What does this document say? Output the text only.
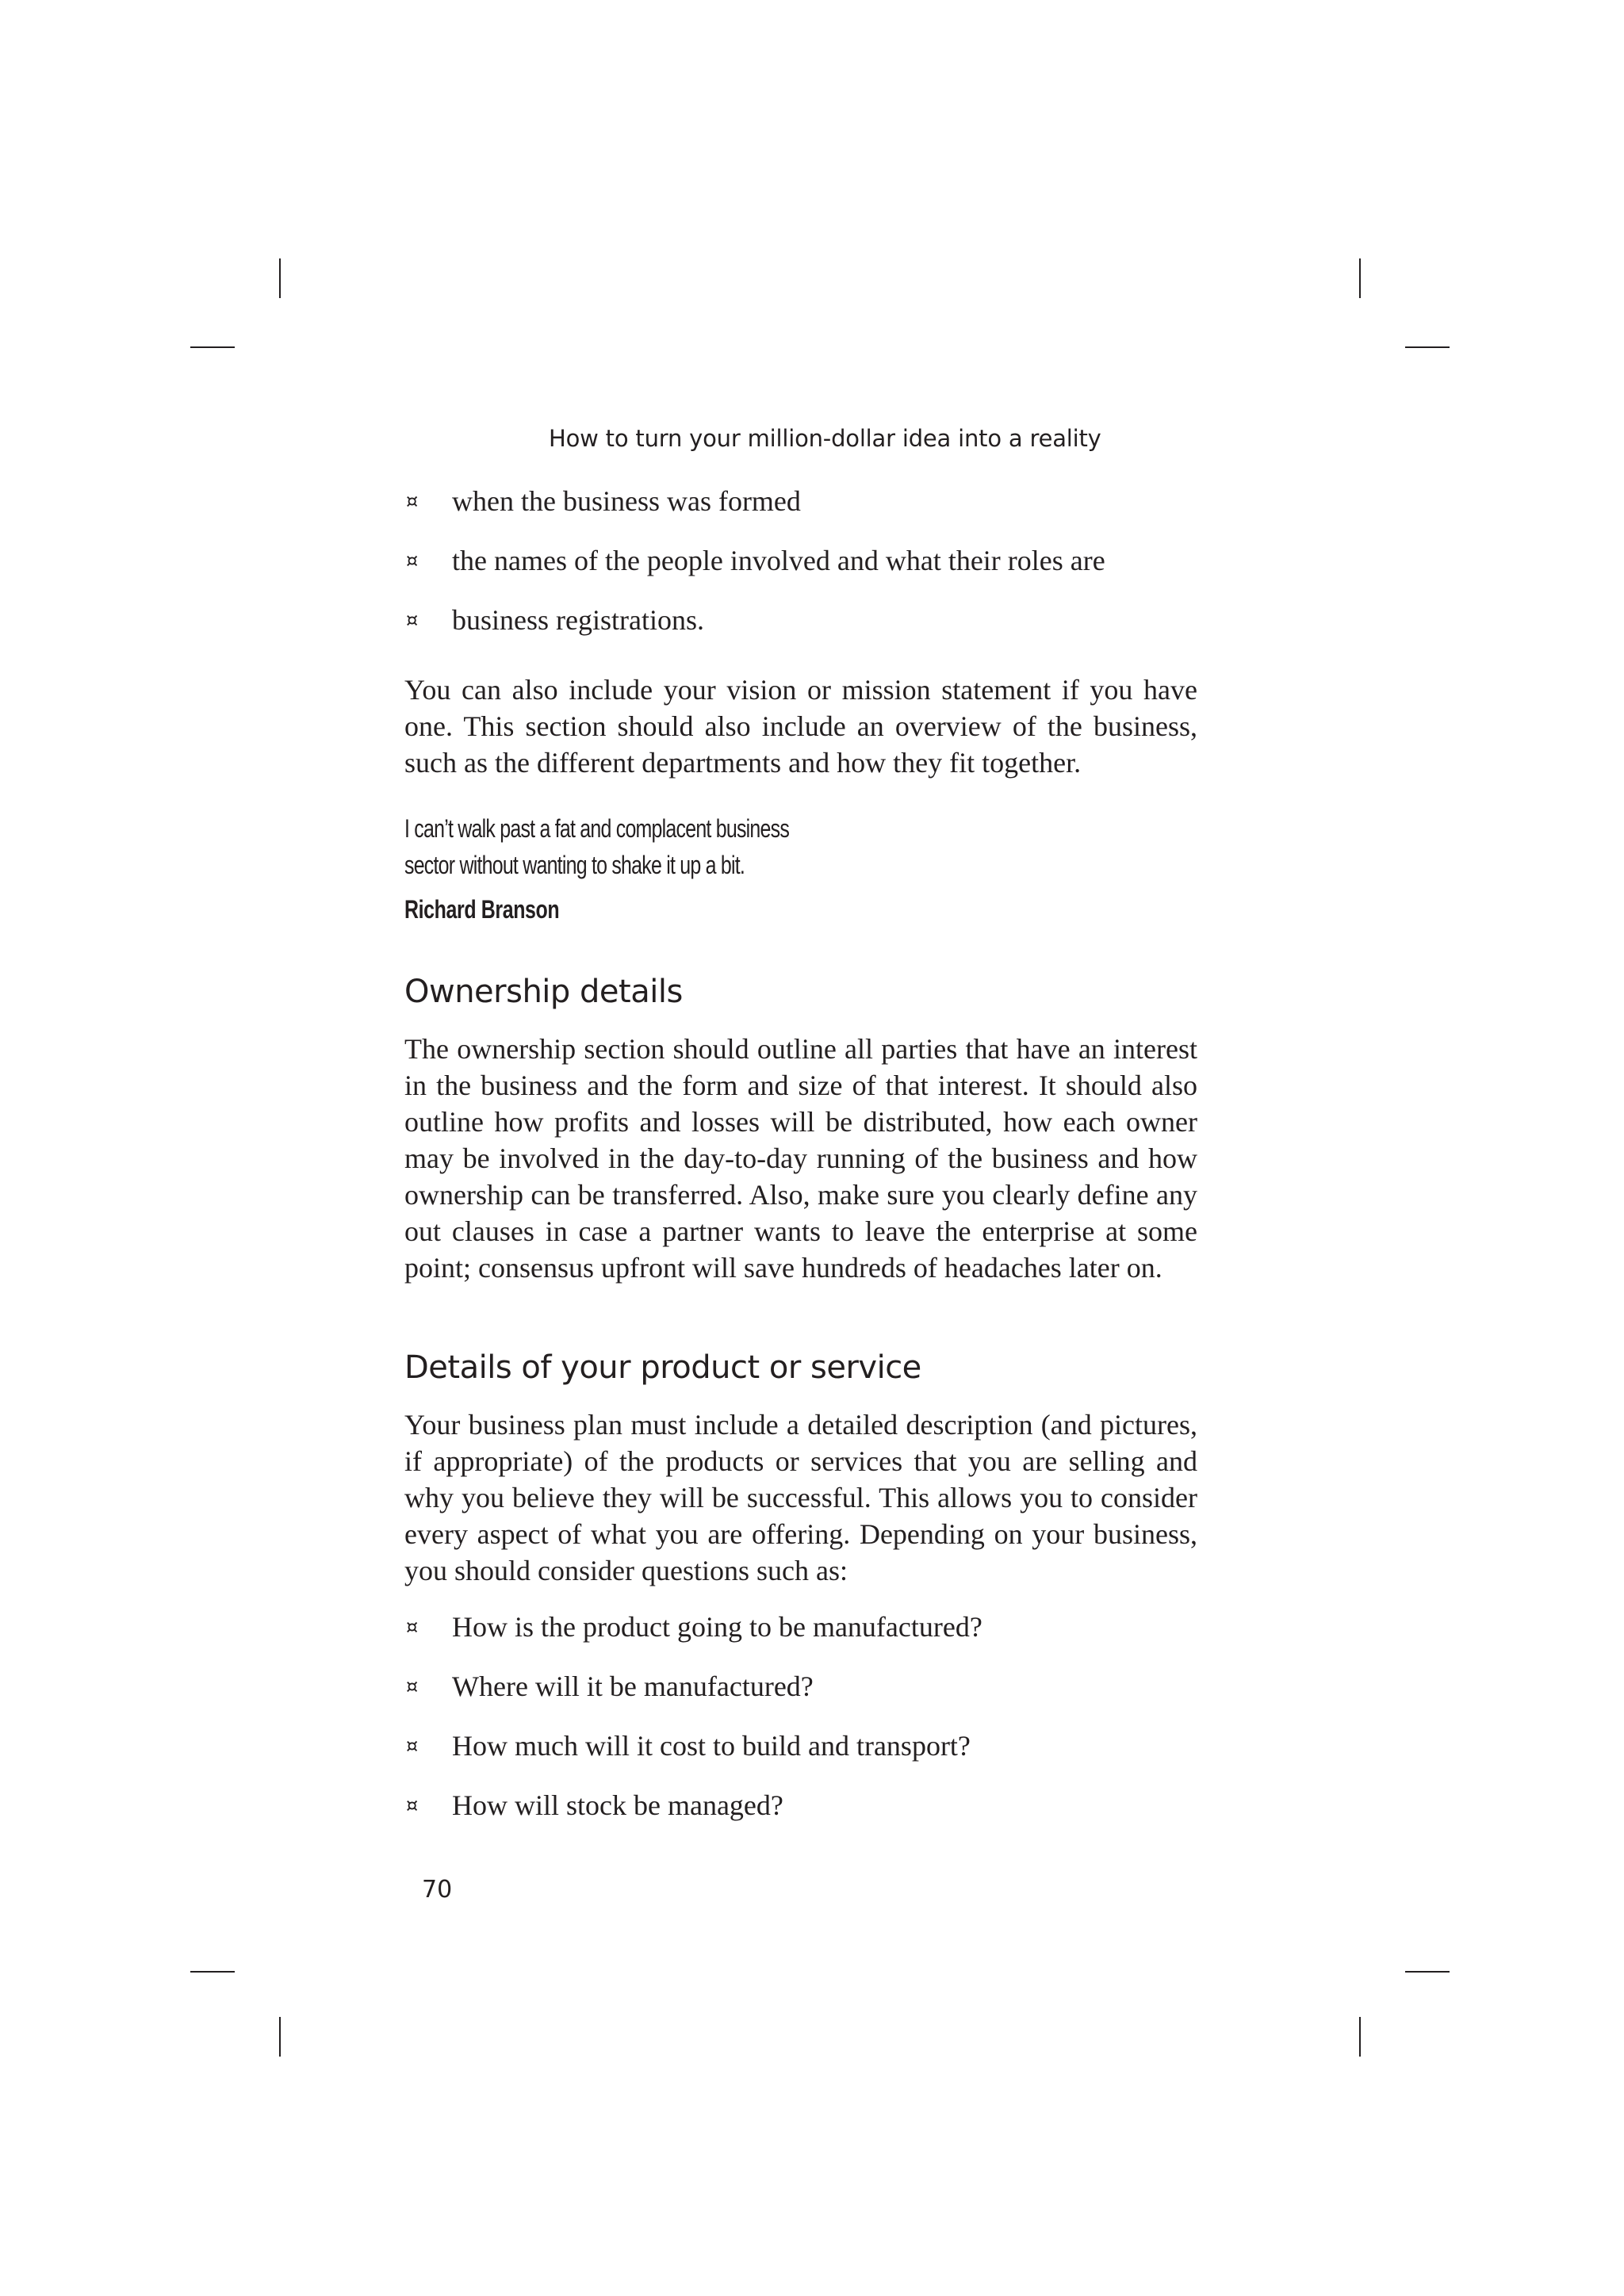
How to turn your million-dollar idea into a reality
¤ when the business was formed
¤ the names of the people involved and what their roles are
¤ business registrations.

You can also include your vision or mission statement if you have one. This section should also include an overview of the business, such as the different departments and how they fit together.

I can’t walk past a fat and complacent business
sector without wanting to shake it up a bit.
Richard Branson
Ownership details

The ownership section should outline all parties that have an interest in the business and the form and size of that interest. It should also outline how profits and losses will be distributed, how each owner may be involved in the day-to-day running of the business and how ownership can be transferred. Also, make sure you clearly define any out clauses in case a partner wants to leave the enterprise at some point; consensus upfront will save hundreds of headaches later on.

Details of your product or service

Your business plan must include a detailed description (and pictures, if appropriate) of the products or services that you are selling and why you believe they will be successful. This allows you to consider every aspect of what you are offering. Depending on your business, you should consider questions such as:

¤ How is the product going to be manufactured?
¤ Where will it be manufactured?
¤ How much will it cost to build and transport?
¤ How will stock be managed?
70
